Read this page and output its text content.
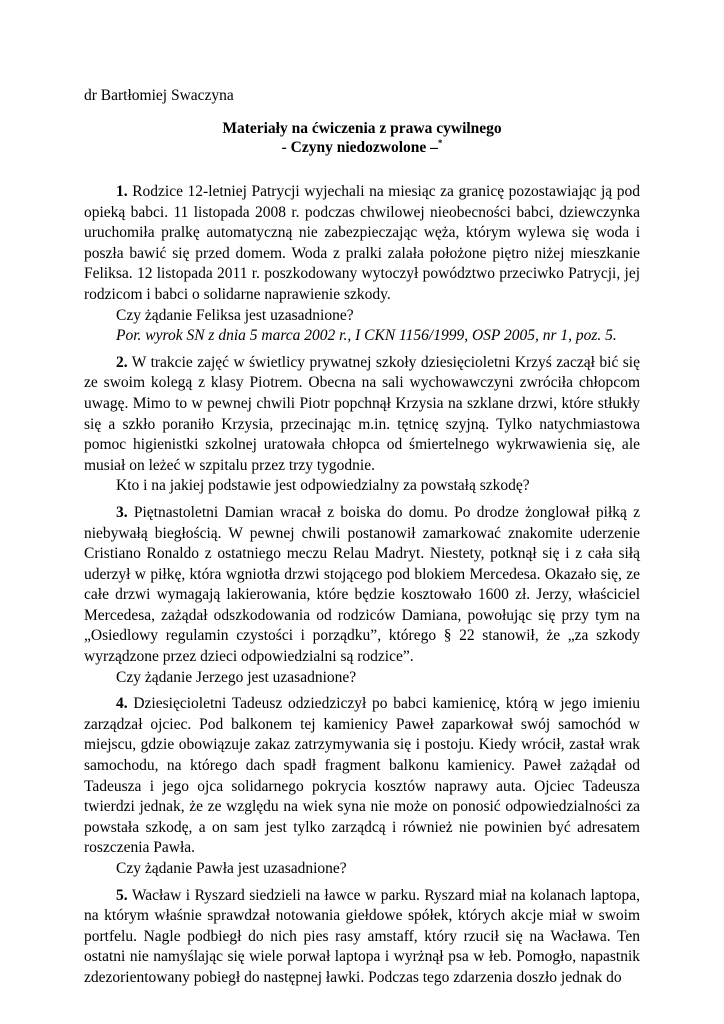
dr Bartłomiej Swaczyna
Materiały na ćwiczenia z prawa cywilnego
- Czyny niedozwolone –*

1. Rodzice 12-letniej Patrycji wyjechali na miesiąc za granicę pozostawiając ją pod opieką babci. 11 listopada 2008 r. podczas chwilowej nieobecności babci, dziewczynka uruchomiła pralkę automatyczną nie zabezpieczając węża, którym wylewa się woda i poszła bawić się przed domem. Woda z pralki zalała położone piętro niżej mieszkanie Feliksa. 12 listopada 2011 r. poszkodowany wytoczył powództwo przeciwko Patrycji, jej rodzicom i babci o solidarne naprawienie szkody.

Czy żądanie Feliksa jest uzasadnione?

Por. wyrok SN z dnia 5 marca 2002 r., I CKN 1156/1999, OSP 2005, nr 1, poz. 5.

2. W trakcie zajęć w świetlicy prywatnej szkoły dziesięcioletni Krzyś zaczął bić się ze swoim kolegą z klasy Piotrem. Obecna na sali wychowawczyni zwróciła chłopcom uwagę. Mimo to w pewnej chwili Piotr popchnął Krzysia na szklane drzwi, które stłukły się a szkło poraniło Krzysia, przecinając m.in. tętnicę szyjną. Tylko natychmiastowa pomoc higienistki szkolnej uratowała chłopca od śmiertelnego wykrwawienia się, ale musiał on leżeć w szpitalu przez trzy tygodnie.

Kto i na jakiej podstawie jest odpowiedzialny za powstałą szkodę?

3. Piętnastoletni Damian wracał z boiska do domu. Po drodze żonglował piłką z niebywałą biegłością. W pewnej chwili postanowił zamarkować znakomite uderzenie Cristiano Ronaldo z ostatniego meczu Relau Madryt. Niestety, potknął się i z cała siłą uderzył w piłkę, która wgniotła drzwi stojącego pod blokiem Mercedesa. Okazało się, ze całe drzwi wymagają lakierowania, które będzie kosztowało 1600 zł. Jerzy, właściciel Mercedesa, zażądał odszkodowania od rodziców Damiana, powołując się przy tym na „Osiedlowy regulamin czystości i porządku”, którego § 22 stanowił, że „za szkody wyrządzone przez dzieci odpowiedzialni są rodzice”.

Czy żądanie Jerzego jest uzasadnione?

4. Dziesięcioletni Tadeusz odziedziczył po babci kamienicę, którą w jego imieniu zarządzał ojciec. Pod balkonem tej kamienicy Paweł zaparkował swój samochód w miejscu, gdzie obowiązuje zakaz zatrzymywania się i postoju. Kiedy wrócił, zastał wrak samochodu, na którego dach spadł fragment balkonu kamienicy. Paweł zażądał od Tadeusza i jego ojca solidarnego pokrycia kosztów naprawy auta. Ojciec Tadeusza twierdzi jednak, że ze względu na wiek syna nie może on ponosić odpowiedzialności za powstała szkodę, a on sam jest tylko zarządcą i również nie powinien być adresatem roszczenia Pawła.

Czy żądanie Pawła jest uzasadnione?

5. Wacław i Ryszard siedzieli na ławce w parku. Ryszard miał na kolanach laptopa, na którym właśnie sprawdzał notowania giełdowe spółek, których akcje miał w swoim portfelu. Nagle podbiegł do nich pies rasy amstaff, który rzucił się na Wacława. Ten ostatni nie namyślając się wiele porwał laptopa i wyrżnął psa w łeb. Pomogło, napastnik zdezorientowany pobiegł do następnej ławki. Podczas tego zdarzenia doszło jednak do
